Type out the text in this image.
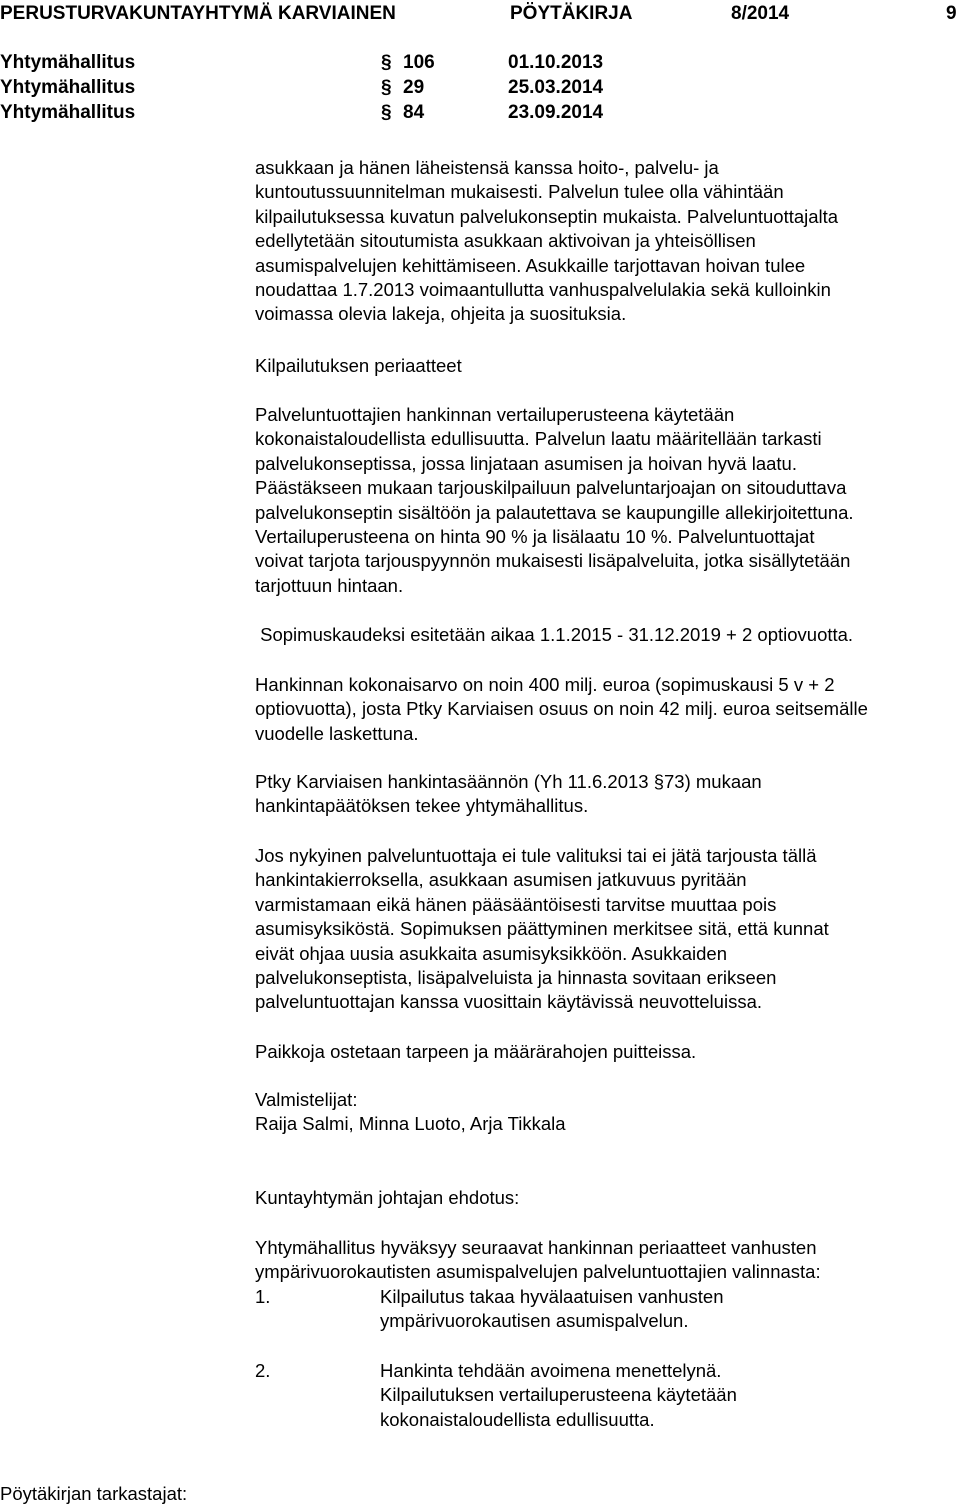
PERUSTURVAKUNTAYHTYMÄ KARVIAINEN	PÖYTÄKIRJA	8/2014	9
Yhtymähallitus	§ 106	01.10.2013
Yhtymähallitus	§ 29	25.03.2014
Yhtymähallitus	§ 84	23.09.2014
asukkaan ja hänen läheistensä kanssa hoito-, palvelu- ja
kuntoutussuunnitelman mukaisesti. Palvelun tulee olla vähintään
kilpailutuksessa kuvatun palvelukonseptin mukaista. Palveluntuottajalta
edellytetään sitoutumista asukkaan aktivoivan ja yhteisöllisen
asumispalvelujen kehittämiseen. Asukkaille tarjottavan hoivan tulee
noudattaa 1.7.2013 voimaantullutta vanhuspalvelulakia sekä kulloinkin
voimassa olevia lakeja, ohjeita ja suosituksia.
Kilpailutuksen periaatteet
Palveluntuottajien hankinnan vertailuperusteena käytetään
kokonaistaloudellista edullisuutta. Palvelun laatu määritellään tarkasti
palvelukonseptissa, jossa linjataan asumisen ja hoivan hyvä laatu.
Päästäkseen mukaan tarjouskilpailuun palveluntarjoajan on sitouduttava
palvelukonseptin sisältöön ja palautettava se kaupungille allekirjoitettuna.
Vertailuperusteena on hinta 90 % ja lisälaatu 10 %. Palveluntuottajat
voivat tarjota tarjouspyynnön mukaisesti lisäpalveluita, jotka sisällytetään
tarjottuun hintaan.
Sopimuskaudeksi esitetään aikaa 1.1.2015 - 31.12.2019 + 2 optiovuotta.
Hankinnan kokonaisarvo on noin 400 milj. euroa (sopimuskausi 5 v + 2
optiovuotta), josta Ptky Karviaisen osuus on noin 42 milj. euroa seitsemälle
vuodelle laskettuna.
Ptky Karviaisen hankintasäännön (Yh 11.6.2013 §73) mukaan
hankintapäätöksen tekee yhtymähallitus.
Jos nykyinen palveluntuottaja ei tule valituksi tai ei jätä tarjousta tällä
hankintakierroksella, asukkaan asumisen jatkuvuus pyritään
varmistamaan eikä hänen pääsääntöisesti tarvitse muuttaa pois
asumisyksiköstä. Sopimuksen päättyminen merkitsee sitä, että kunnat
eivät ohjaa uusia asukkaita asumisyksikköön. Asukkaiden
palvelukonseptista, lisäpalveluista ja hinnasta sovitaan erikseen
palveluntuottajan kanssa vuosittain käytävissä neuvotteluissa.
Paikkoja ostetaan tarpeen ja määrärahojen puitteissa.
Valmistelijat:
Raija Salmi, Minna Luoto, Arja Tikkala
Kuntayhtymän johtajan ehdotus:
Yhtymähallitus hyväksyy seuraavat hankinnan periaatteet vanhusten
ympärivuorokautisten asumispalvelujen palveluntuottajien valinnasta:
1.	Kilpailutus takaa hyvälaatuisen vanhusten
ympärivuorokautisen asumispalvelun.
2.	Hankinta tehdään avoimena menettelynä.
Kilpailutuksen vertailuperusteena käytetään
kokonaistaloudellista edullisuutta.
Pöytäkirjan tarkastajat:
